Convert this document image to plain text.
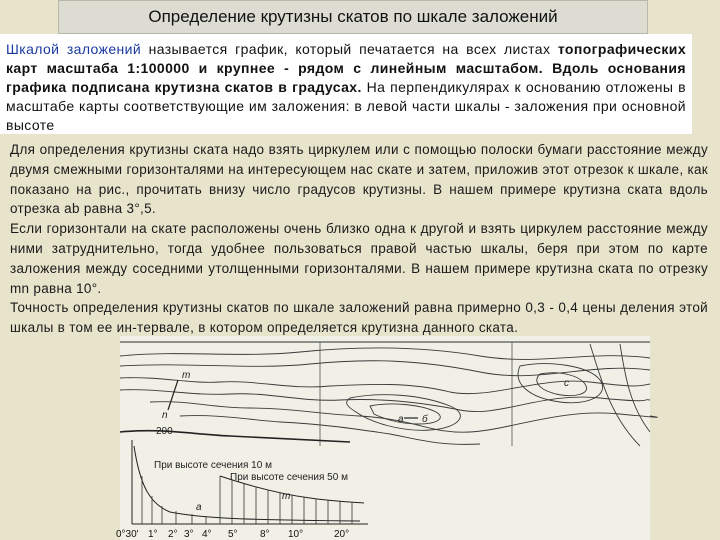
Определение крутизны скатов по шкале заложений

Шкалой заложений называется график, который печатается на всех листах топографических карт масштаба 1:100000 и крупнее - рядом с линейным масштабом. Вдоль основания графика подписана крутизна скатов в градусах. На перпендикулярах к основанию отложены в масштабе карты соответствующие им заложения: в левой части шкалы - заложения при основной высоте

Для определения крутизны ската надо взять циркулем или с помощью полоски бумаги расстояние между двумя смежными горизонталями на интересующем нас скате и затем, приложив этот отрезок к шкале, как показано на рис., прочитать внизу число градусов крутизны. В нашем примере крутизна ската вдоль отрезка ab равна 3°,5.

Если горизонтали на скате расположены очень близко одна к другой и взять циркулем расстояние между ними затруднительно, тогда удобнее пользоваться правой частью шкалы, беря при этом по карте заложения между соседними утолщенными горизонталями. В нашем примере крутизна ската по отрезку mn равна 10°.

Точность определения крутизны скатов по шкале заложений равна примерно 0,3 - 0,4 цены деления этой шкалы в том ее ин-тервале, в котором определяется крутизна данного ската.

m
n
200
a б
с
При высоте сечения 10 м
При высоте сечения 50 м
m
a
0°30' 1° 2° 3° 4° 5° 8° 10°	20°
